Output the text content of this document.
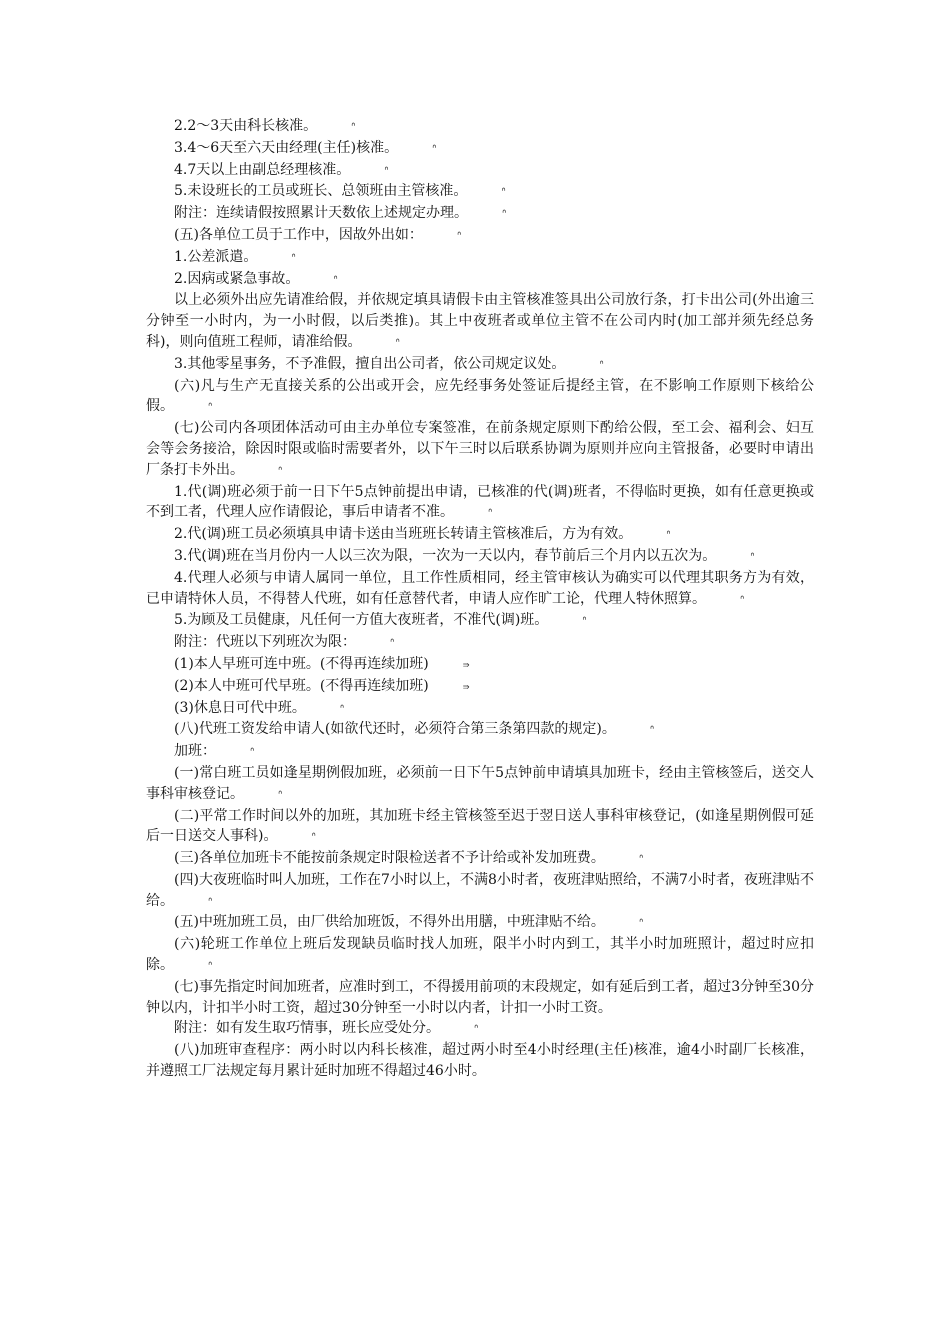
2.2～3天由科长核准。	ᐢ

3.4～6天至六天由经理(主任)核准。	ᐢ

4.7天以上由副总经理核准。	ᐢ

5.未设班长的工员或班长、总领班由主管核准。	ᐢ

附注：连续请假按照累计天数依上述规定办理。	ᐢ

(五)各单位工员于工作中，因故外出如：	ᐢ

1.公差派遣。	ᐢ

2.因病或紧急事故。	ᐢ

以上必须外出应先请准给假，并依规定填具请假卡由主管核准签具出公司放行条，打卡出公司(外出逾三分钟至一小时内，为一小时假，以后类推)。其上中夜班者或单位主管不在公司内时(加工部并须先经总务科)，则向值班工程师，请准给假。	ᐢ

3.其他零星事务，不予准假，擅自出公司者，依公司规定议处。	ᐢ

(六)凡与生产无直接关系的公出或开会，应先经事务处签证后提经主管，在不影响工作原则下核给公假。	ᐢ

(七)公司内各项团体活动可由主办单位专案签准，在前条规定原则下酌给公假，至工会、福利会、妇互会等会务接洽，除因时限或临时需要者外，以下午三时以后联系协调为原则并应向主管报备，必要时申请出厂条打卡外出。	ᐢ

1.代(调)班必须于前一日下午5点钟前提出申请，已核准的代(调)班者，不得临时更换，如有任意更换或不到工者，代理人应作请假论，事后申请者不准。	ᐢ

2.代(调)班工员必须填具申请卡送由当班班长转请主管核准后，方为有效。	ᐢ

3.代(调)班在当月份内一人以三次为限，一次为一天以内，春节前后三个月内以五次为。	ᐢ

4.代理人必须与申请人属同一单位，且工作性质相同，经主管审核认为确实可以代理其职务方为有效，已申请特休人员，不得替人代班，如有任意替代者，申请人应作旷工论，代理人特休照算。	ᐢ

5.为顾及工员健康，凡任何一方值大夜班者，不准代(调)班。	ᐢ

附注：代班以下列班次为限：	ᐢ

(1)本人早班可连中班。(不得再连续加班)	⇛

(2)本人中班可代早班。(不得再连续加班)	⇛

(3)休息日可代中班。	ᐢ

(八)代班工资发给申请人(如欲代还时，必须符合第三条第四款的规定)。	ᐢ

加班：	ᐢ

(一)常白班工员如逢星期例假加班，必须前一日下午5点钟前申请填具加班卡，经由主管核签后，送交人事科审核登记。	ᐢ

(二)平常工作时间以外的加班，其加班卡经主管核签至迟于翌日送人事科审核登记，(如逢星期例假可延后一日送交人事科)。	ᐢ

(三)各单位加班卡不能按前条规定时限检送者不予计给或补发加班费。	ᐢ

(四)大夜班临时叫人加班，工作在7小时以上，不满8小时者，夜班津贴照给，不满7小时者，夜班津贴不给。	ᐢ

(五)中班加班工员，由厂供给加班饭，不得外出用膳，中班津贴不给。	ᐢ

(六)轮班工作单位上班后发现缺员临时找人加班，限半小时内到工，其半小时加班照计，超过时应扣除。	ᐢ

(七)事先指定时间加班者，应准时到工，不得援用前项的末段规定，如有延后到工者，超过3分钟至30分钟以内，计扣半小时工资，超过30分钟至一小时以内者，计扣一小时工资。

附注：如有发生取巧情事，班长应受处分。	ᐢ

(八)加班审查程序：两小时以内科长核准，超过两小时至4小时经理(主任)核准，逾4小时副厂长核准，并遵照工厂法规定每月累计延时加班不得超过46小时。
